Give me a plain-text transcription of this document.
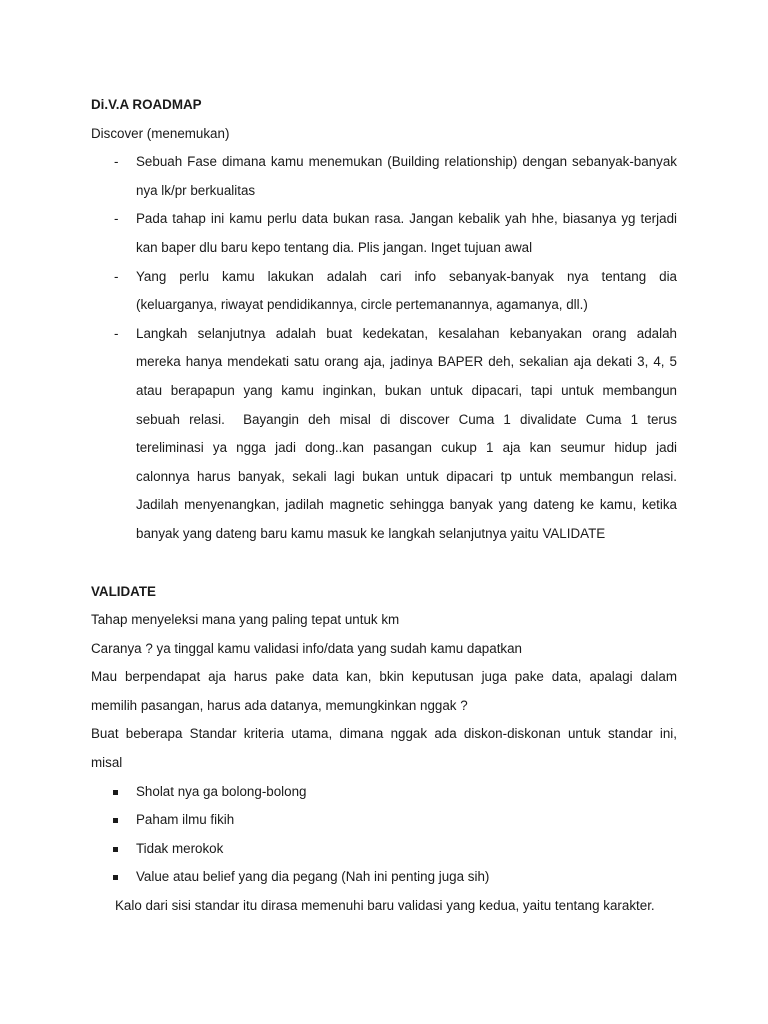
Di.V.A ROADMAP
Discover (menemukan)
- Sebuah Fase dimana kamu menemukan (Building relationship) dengan sebanyak-banyak
nya lk/pr berkualitas
- Pada tahap ini kamu perlu data bukan rasa. Jangan kebalik yah hhe, biasanya yg terjadi
kan baper dlu baru kepo tentang dia. Plis jangan. Inget tujuan awal
- Yang perlu kamu lakukan adalah cari info sebanyak-banyak nya tentang dia
(keluarganya, riwayat pendidikannya, circle pertemanannya, agamanya, dll.)
- Langkah selanjutnya adalah buat kedekatan, kesalahan kebanyakan orang adalah
mereka hanya mendekati satu orang aja, jadinya BAPER deh, sekalian aja dekati 3, 4, 5
atau berapapun yang kamu inginkan, bukan untuk dipacari, tapi untuk membangun
sebuah relasi.  Bayangin deh misal di discover Cuma 1 divalidate Cuma 1 terus
tereliminasi ya ngga jadi dong..kan pasangan cukup 1 aja kan seumur hidup jadi
calonnya harus banyak, sekali lagi bukan untuk dipacari tp untuk membangun relasi.
Jadilah menyenangkan, jadilah magnetic sehingga banyak yang dateng ke kamu, ketika
banyak yang dateng baru kamu masuk ke langkah selanjutnya yaitu VALIDATE
VALIDATE
Tahap menyeleksi mana yang paling tepat untuk km
Caranya ? ya tinggal kamu validasi info/data yang sudah kamu dapatkan
Mau berpendapat aja harus pake data kan, bkin keputusan juga pake data, apalagi dalam
memilih pasangan, harus ada datanya, memungkinkan nggak ?
Buat beberapa Standar kriteria utama, dimana nggak ada diskon-diskonan untuk standar ini,
misal
Sholat nya ga bolong-bolong
Paham ilmu fikih
Tidak merokok
Value atau belief yang dia pegang (Nah ini penting juga sih)
Kalo dari sisi standar itu dirasa memenuhi baru validasi yang kedua, yaitu tentang karakter.
